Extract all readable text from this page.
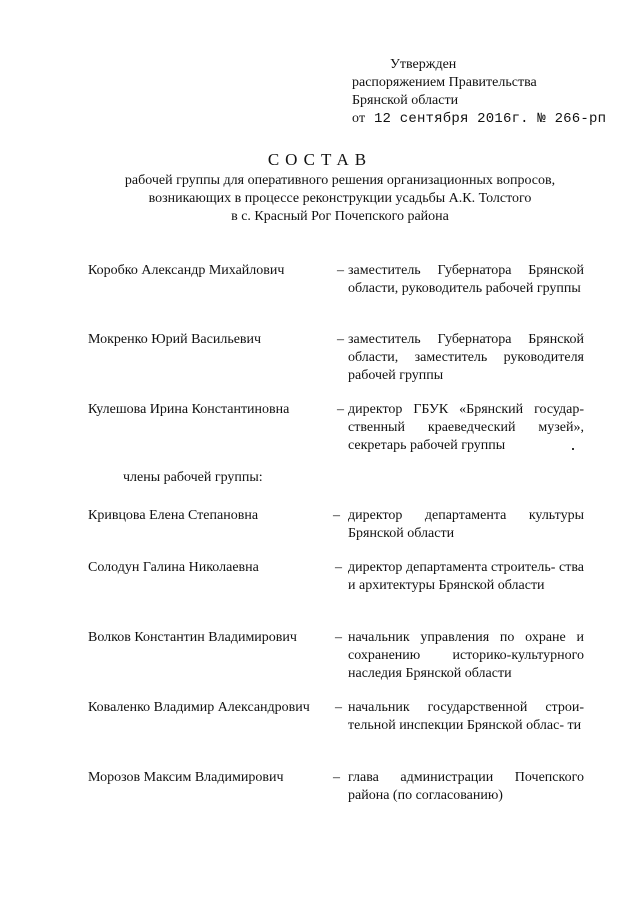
Утвержден
распоряжением Правительства
Брянской области
от 12 сентября 2016г. № 266-рп
СОСТАВ
рабочей группы для оперативного решения организационных вопросов,
возникающих в процессе реконструкции усадьбы А.К. Толстого
в с. Красный Рог Почепского района
Коробко Александр Михайлович	– заместитель Губернатора Брянской области, руководитель рабочей группы
Мокренко Юрий Васильевич	– заместитель Губернатора Брянской области, заместитель руководителя рабочей группы
Кулешова Ирина Константиновна	– директор ГБУК «Брянский государ- ственный краеведческий музей», секретарь рабочей группы
члены рабочей группы:
Кривцова Елена Степановна	– директор департамента культуры Брянской области
Солодун Галина Николаевна	– директор департамента строитель- ства и архитектуры Брянской области
Волков Константин Владимирович	– начальник управления по охране и сохранению историко-культурного наследия Брянской области
Коваленко Владимир Александрович – начальник государственной строи- тельной инспекции Брянской облас- ти
Морозов Максим Владимирович	– глава администрации Почепского района (по согласованию)
